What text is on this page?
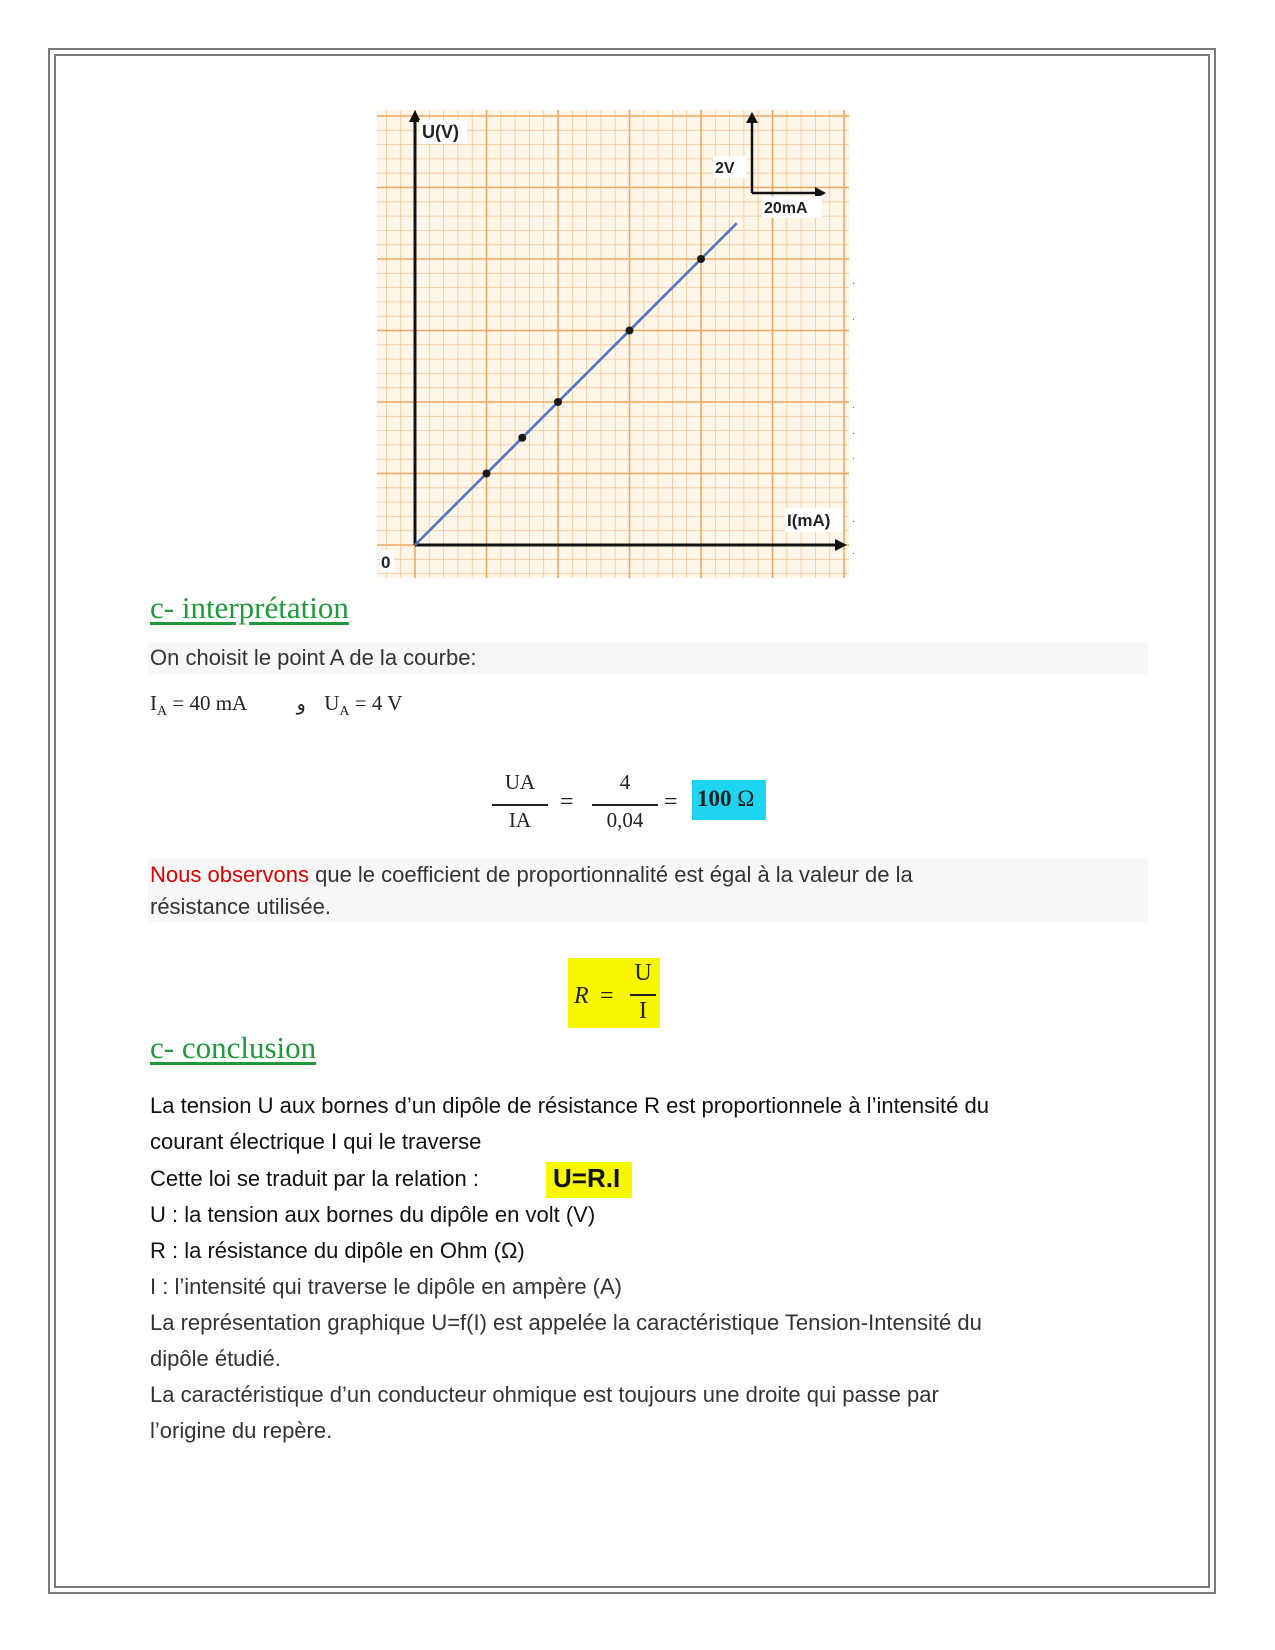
U(V)
I(mA)
0
2V
20mA
.
.
.
.
.
.
.
c- interprétation
On choisit le point A de la courbe:
$I_A = 40$ mA	و $U_A = 4$ V
UA
IA
=
4
0,04
= 100 Ω
Nous observons que le coefficient de proportionnalité est égal à la valeur de la
résistance utilisée.
R =
U
I
c- conclusion
La tension U aux bornes d’un dipôle de résistance R est proportionnele à l’intensité du
courant électrique I qui le traverse
Cette loi se traduit par la relation :	U=R.I
U : la tension aux bornes du dipôle en volt (V)
R : la résistance du dipôle en Ohm (Ω)
I : l’intensité qui traverse le dipôle en ampère (A)
La représentation graphique U=f(I) est appelée la caractéristique Tension-Intensité du
dipôle étudié.
La caractéristique d’un conducteur ohmique est toujours une droite qui passe par
l’origine du repère.
